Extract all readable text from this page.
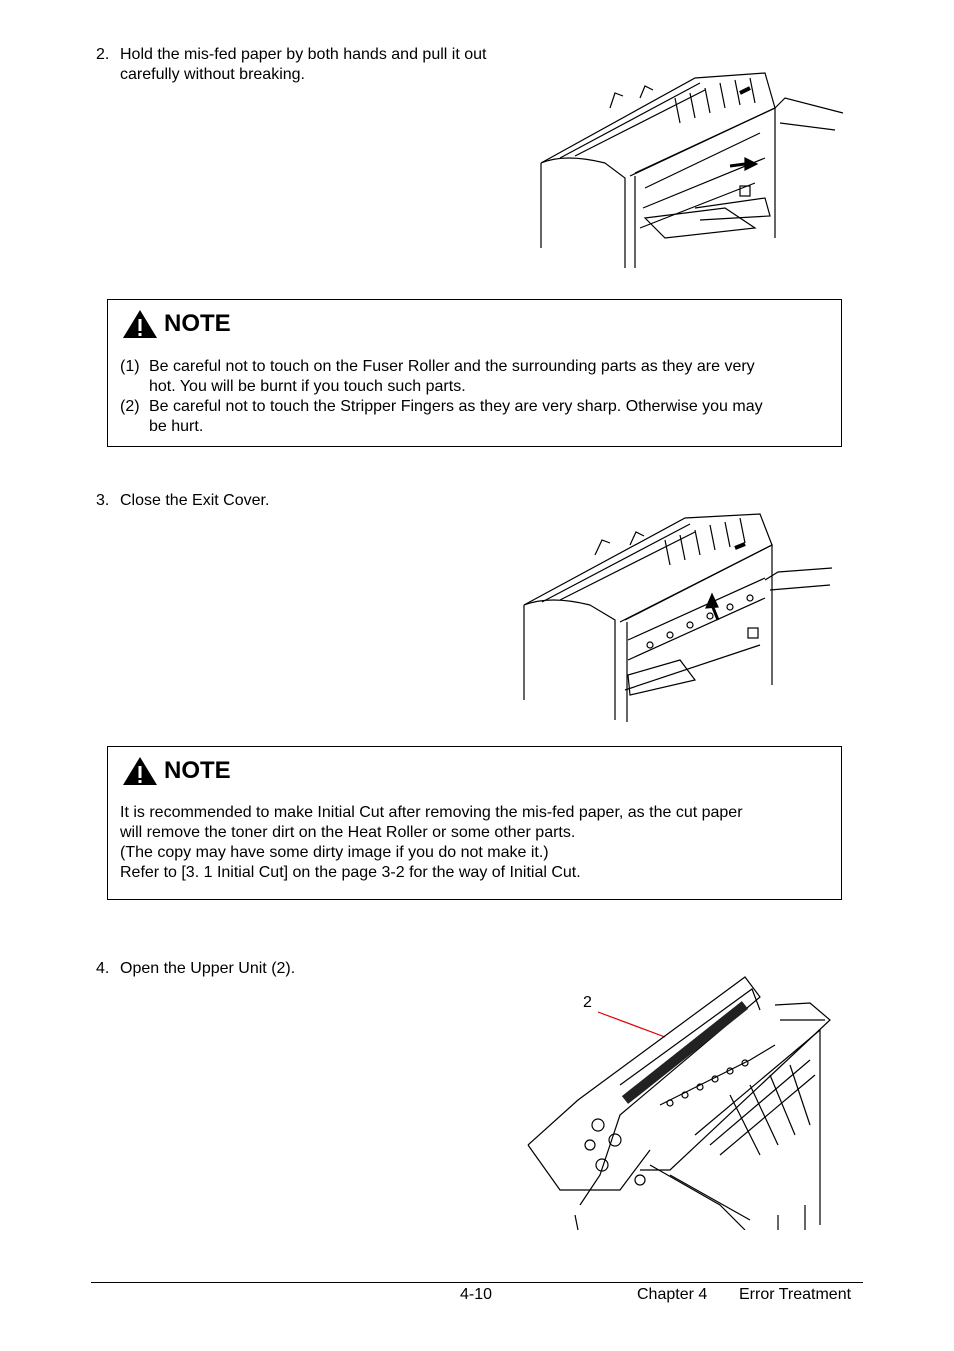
2. Hold the mis-fed paper by both hands and pull it out
carefully without breaking.
NOTE
(1) Be careful not to touch on the Fuser Roller and the surrounding parts as they are very
hot. You will be burnt if you touch such parts.
(2) Be careful not to touch the Stripper Fingers as they are very sharp. Otherwise you may
be hurt.
3. Close the Exit Cover.
NOTE
It is recommended to make Initial Cut after removing the mis-fed paper, as the cut paper
will remove the toner dirt on the Heat Roller or some other parts.
(The copy may have some dirty image if you do not make it.)
Refer to [3. 1 Initial Cut] on the page 3-2 for the way of Initial Cut.
4. Open the Upper Unit (2).
2
4-10	Chapter 4 Error Treatment
